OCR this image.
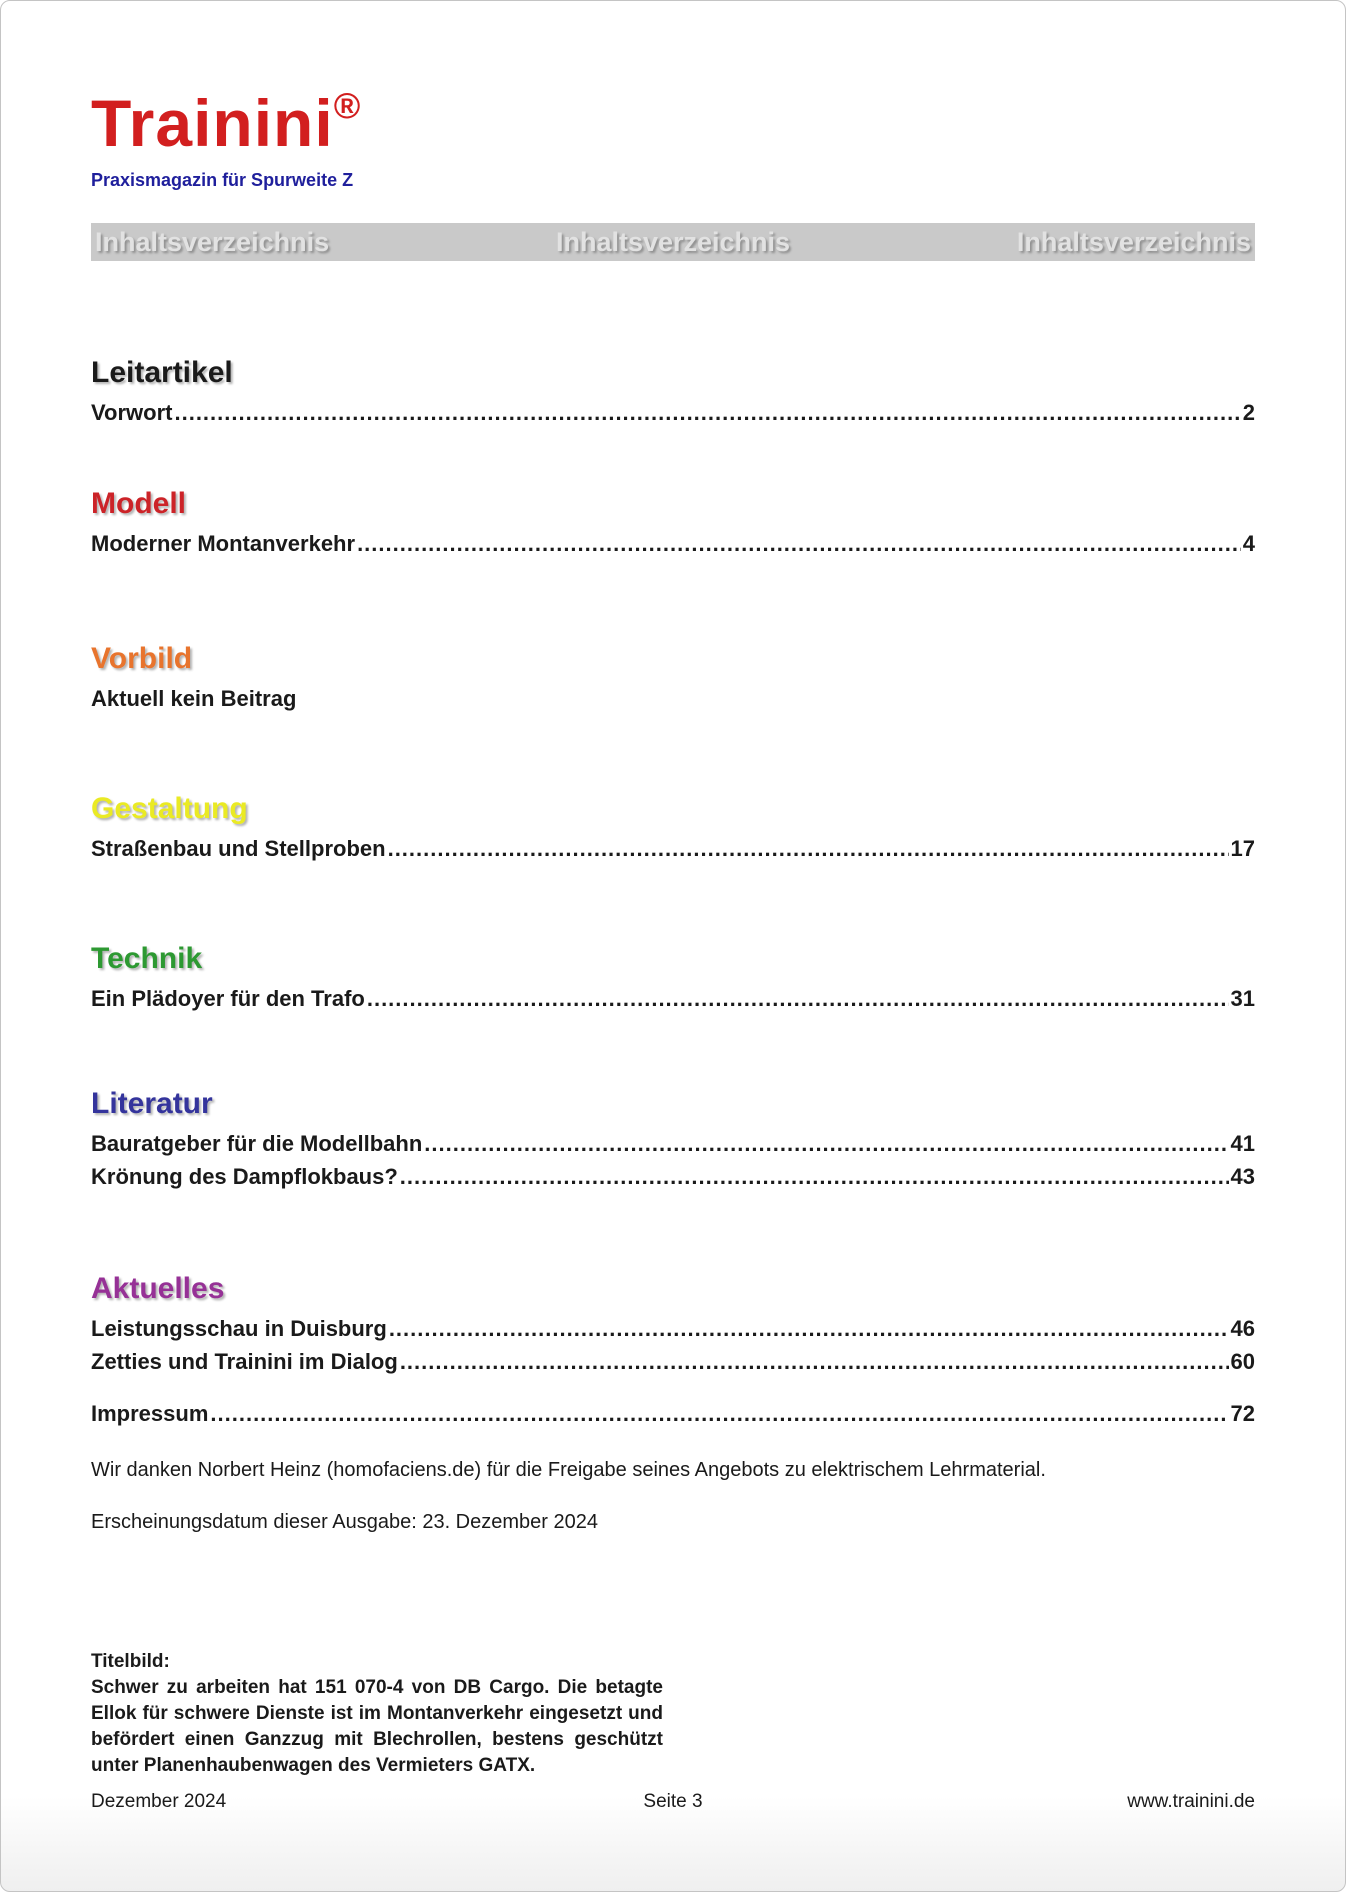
Trainini®
Praxismagazin für Spurweite Z
Inhaltsverzeichnis	Inhaltsverzeichnis	Inhaltsverzeichnis
Leitartikel
Vorwort .....	2
Modell
Moderner Montanverkehr .....	4
Vorbild
Aktuell kein Beitrag
Gestaltung
Straßenbau und Stellproben .....	17
Technik
Ein Plädoyer für den Trafo .....	31
Literatur
Bauratgeber für die Modellbahn .....	41
Krönung des Dampflokbaus? .....	43
Aktuelles
Leistungsschau in Duisburg .....	46
Zetties und Trainini im Dialog .....	60
Impressum .....	72

Wir danken Norbert Heinz (homofaciens.de) für die Freigabe seines Angebots zu elektrischem Lehrmaterial.

Erscheinungsdatum dieser Ausgabe: 23. Dezember 2024

Titelbild:
Schwer zu arbeiten hat 151 070-4 von DB Cargo. Die betagte Ellok für schwere Dienste ist im Montanverkehr eingesetzt und befördert einen Ganzzug mit Blechrollen, bestens geschützt unter Planenhaubenwagen des Vermieters GATX.
Dezember 2024	Seite 3	www.trainini.de
